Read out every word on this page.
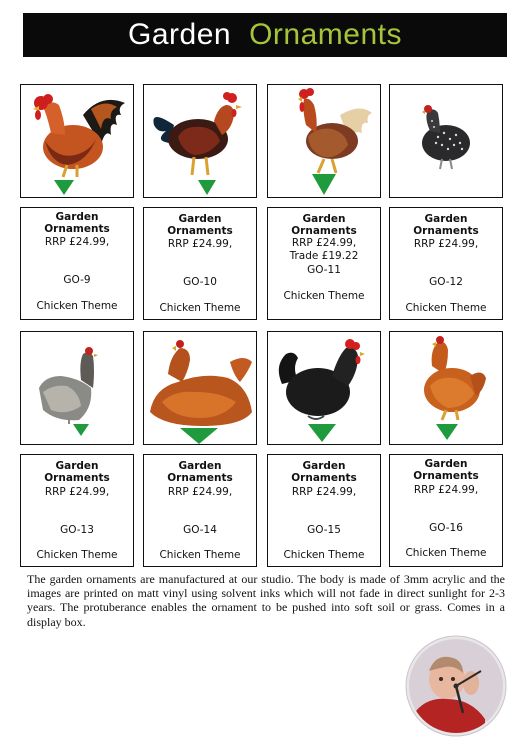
Garden Ornaments
Garden Ornaments
RRP £24.99,
GO-9
Chicken Theme
Garden Ornaments
RRP £24.99,
GO-10
Chicken Theme
Garden Ornaments
RRP £24.99,
Trade £19.22
GO-11
Chicken Theme
Garden Ornaments
RRP £24.99,
GO-12
Chicken Theme
Garden Ornaments
RRP £24.99,
GO-13
Chicken Theme
Garden Ornaments
RRP £24.99,
GO-14
Chicken Theme
Garden Ornaments
RRP £24.99,
GO-15
Chicken Theme
Garden Ornaments
RRP £24.99,
GO-16
Chicken Theme
The garden ornaments are manufactured at our studio. The body is made of 3mm acrylic and the images are printed on matt vinyl using solvent inks which will not fade in direct sunlight for 2-3 years. The protuberance enables the ornament to be pushed into soft soil or grass. Comes in a display box.
